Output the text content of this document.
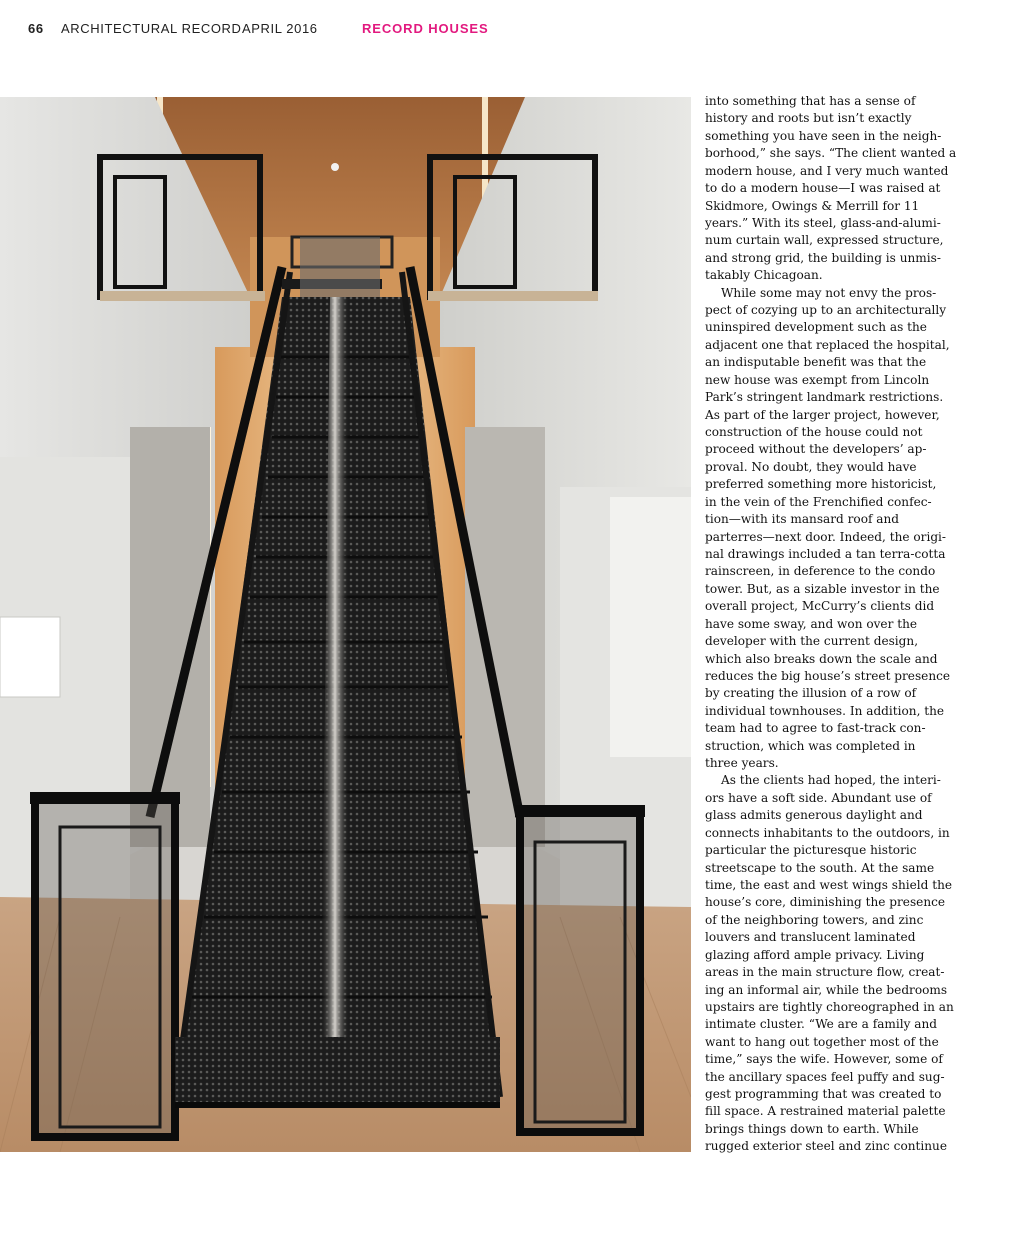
66 ARCHITECTURAL RECORD APRIL 2016	RECORD HOUSES

into something that has a sense of
history and roots but isn’t exactly
something you have seen in the neigh-
borhood,” she says. “The client wanted a
modern house, and I very much wanted
to do a modern house—I was raised at
Skidmore, Owings & Merrill for 11
years.” With its steel, glass-and-alumi-
num curtain wall, expressed structure,
and strong grid, the building is unmis-
takably Chicagoan.

While some may not envy the pros-
pect of cozying up to an architecturally
uninspired development such as the
adjacent one that replaced the hospital,
an indisputable benefit was that the
new house was exempt from Lincoln
Park’s stringent landmark restrictions.
As part of the larger project, however,
construction of the house could not
proceed without the developers’ ap-
proval. No doubt, they would have
preferred something more historicist,
in the vein of the Frenchified confec-
tion—with its mansard roof and
parterres—next door. Indeed, the origi-
nal drawings included a tan terra-cotta
rainscreen, in deference to the condo
tower. But, as a sizable investor in the
overall project, McCurry’s clients did
have some sway, and won over the
developer with the current design,
which also breaks down the scale and
reduces the big house’s street presence
by creating the illusion of a row of
individual townhouses. In addition, the
team had to agree to fast-track con-
struction, which was completed in
three years.

As the clients had hoped, the interi-
ors have a soft side. Abundant use of
glass admits generous daylight and
connects inhabitants to the outdoors, in
particular the picturesque historic
streetscape to the south. At the same
time, the east and west wings shield the
house’s core, diminishing the presence
of the neighboring towers, and zinc
louvers and translucent laminated
glazing afford ample privacy. Living
areas in the main structure flow, creat-
ing an informal air, while the bedrooms
upstairs are tightly choreographed in an
intimate cluster. “We are a family and
want to hang out together most of the
time,” says the wife. However, some of
the ancillary spaces feel puffy and sug-
gest programming that was created to
fill space. A restrained material palette
brings things down to earth. While
rugged exterior steel and zinc continue
